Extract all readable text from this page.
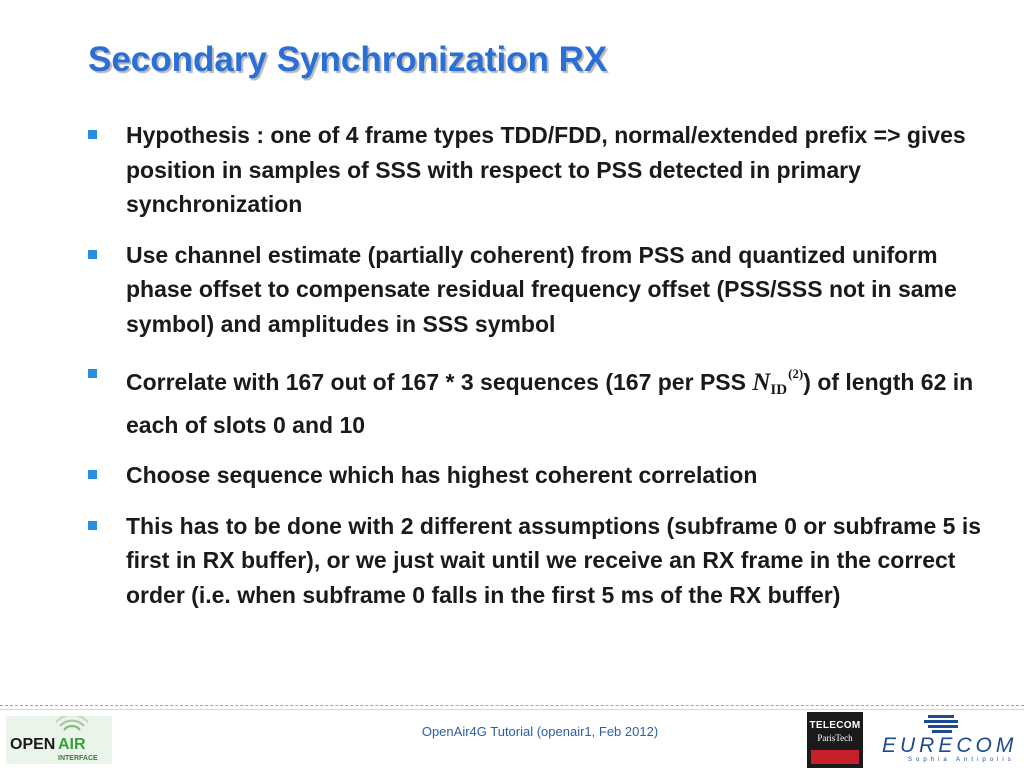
Secondary Synchronization RX
Hypothesis : one of 4 frame types TDD/FDD, normal/extended prefix => gives position in samples of SSS with respect to PSS detected in primary synchronization
Use channel estimate (partially coherent) from PSS and quantized uniform phase offset to compensate residual frequency offset (PSS/SSS not in same symbol) and amplitudes in SSS symbol
Correlate with 167 out of 167 * 3 sequences (167 per PSS NID$^{(2)}$) of length 62 in each of slots 0 and 10
Choose sequence which has highest coherent correlation
This has to be done with 2 different assumptions (subframe 0 or subframe 5 is first in RX buffer), or we just wait until we receive an RX frame in the correct order (i.e. when subframe 0 falls in the first 5 ms of the RX buffer)
OpenAir4G Tutorial (openair1, Feb 2012)
OPEN AIR
INTERFACE
TELECOM
ParisTech	EURECOM
Sophia Antipolis
